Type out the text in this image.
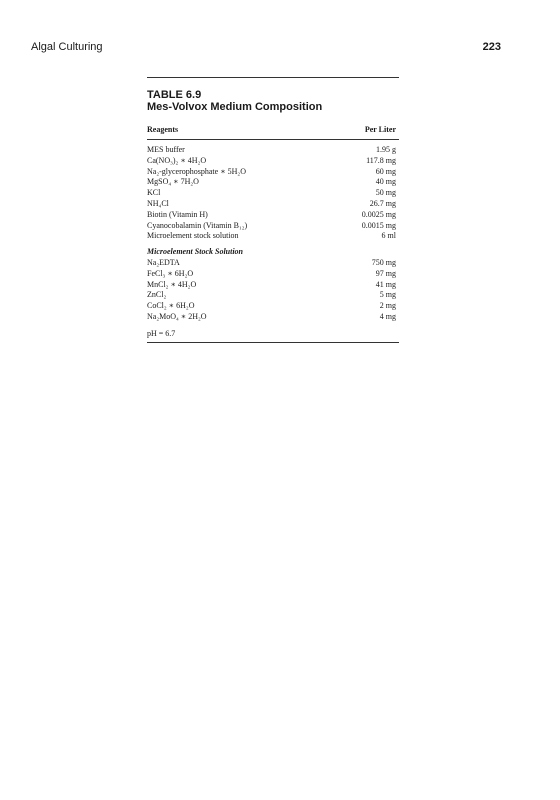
Algal Culturing	223
TABLE 6.9
Mes-Volvox Medium Composition
Reagents	Per Liter
MES buffer	1.95 g
Ca(NO₃)₂ ∗ 4H₂O	117.8 mg
Na₂-glycerophosphate ∗ 5H₂O	60 mg
MgSO₄ ∗ 7H₂O	40 mg
KCl	50 mg
NH₄Cl	26.7 mg
Biotin (Vitamin H)	0.0025 mg
Cyanocobalamin (Vitamin B₁₂)	0.0015 mg
Microelement stock solution	6 ml
Microelement Stock Solution
Na₂EDTA	750 mg
FeCl₃ ∗ 6H₂O	97 mg
MnCl₂ ∗ 4H₂O	41 mg
ZnCl₂	5 mg
CoCl₂ ∗ 6H₂O	2 mg
Na₂MoO₄ ∗ 2H₂O	4 mg
pH = 6.7
